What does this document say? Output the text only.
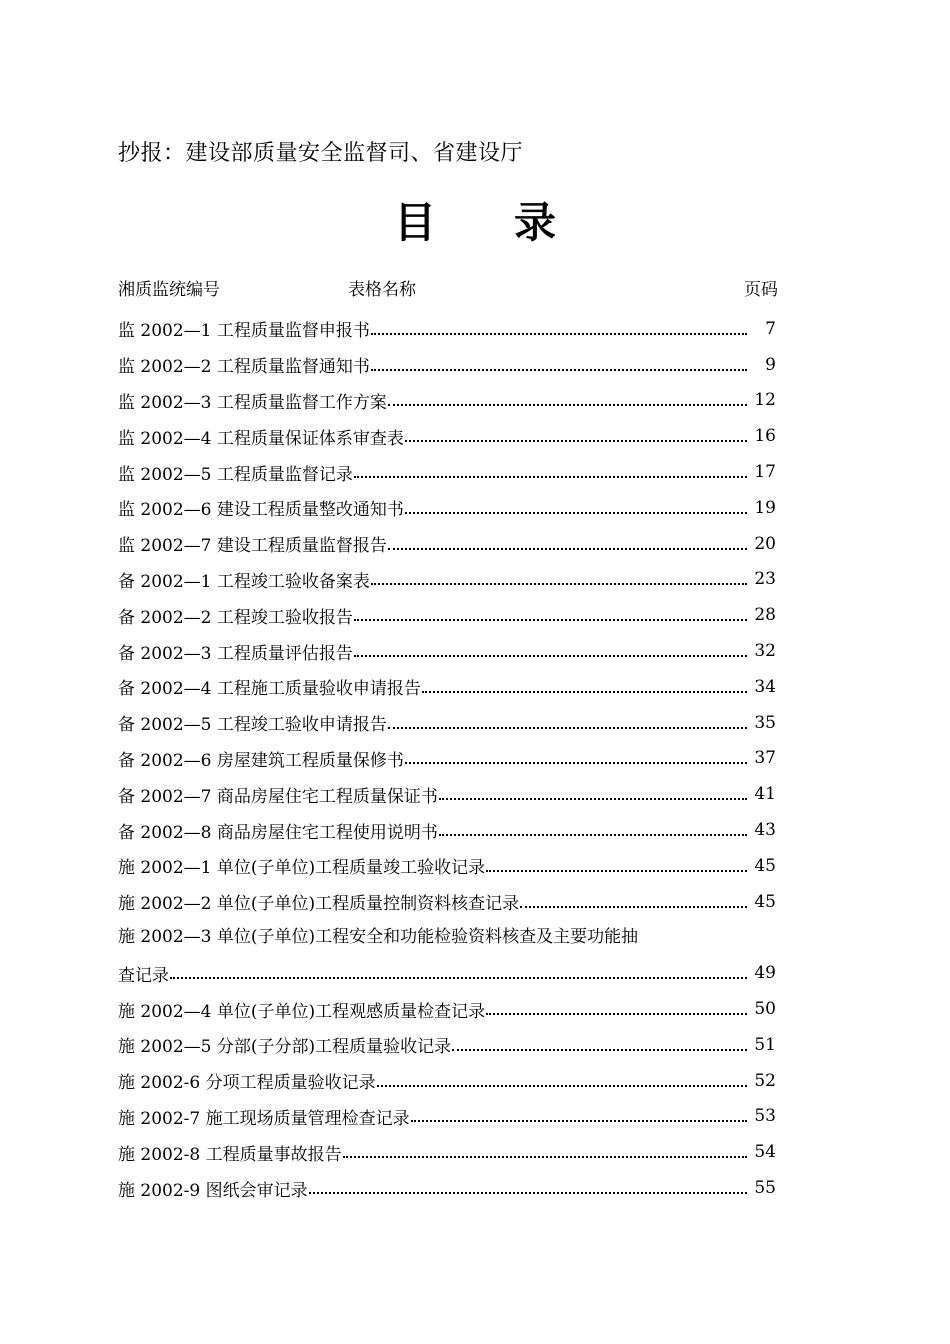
抄报：建设部质量安全监督司、省建设厅
目 录
湘质监统编号	表格名称	页码
监 2002—1 工程质量监督申报书	7
监 2002—2 工程质量监督通知书	9
监 2002—3 工程质量监督工作方案	12
监 2002—4 工程质量保证体系审查表	16
监 2002—5 工程质量监督记录	17
监 2002—6 建设工程质量整改通知书	19
监 2002—7 建设工程质量监督报告	20
备 2002—1 工程竣工验收备案表	23
备 2002—2 工程竣工验收报告	28
备 2002—3 工程质量评估报告	32
备 2002—4 工程施工质量验收申请报告	34
备 2002—5 工程竣工验收申请报告	35
备 2002—6 房屋建筑工程质量保修书	37
备 2002—7 商品房屋住宅工程质量保证书	41
备 2002—8 商品房屋住宅工程使用说明书	43
施 2002—1 单位(子单位)工程质量竣工验收记录	45
施 2002—2 单位(子单位)工程质量控制资料核查记录	45
施 2002—3 单位(子单位)工程安全和功能检验资料核查及主要功能抽
查记录	49
施 2002—4 单位(子单位)工程观感质量检查记录	50
施 2002—5 分部(子分部)工程质量验收记录	51
施 2002-6 分项工程质量验收记录	52
施 2002-7 施工现场质量管理检查记录	53
施 2002-8 工程质量事故报告	54
施 2002-9 图纸会审记录	55
